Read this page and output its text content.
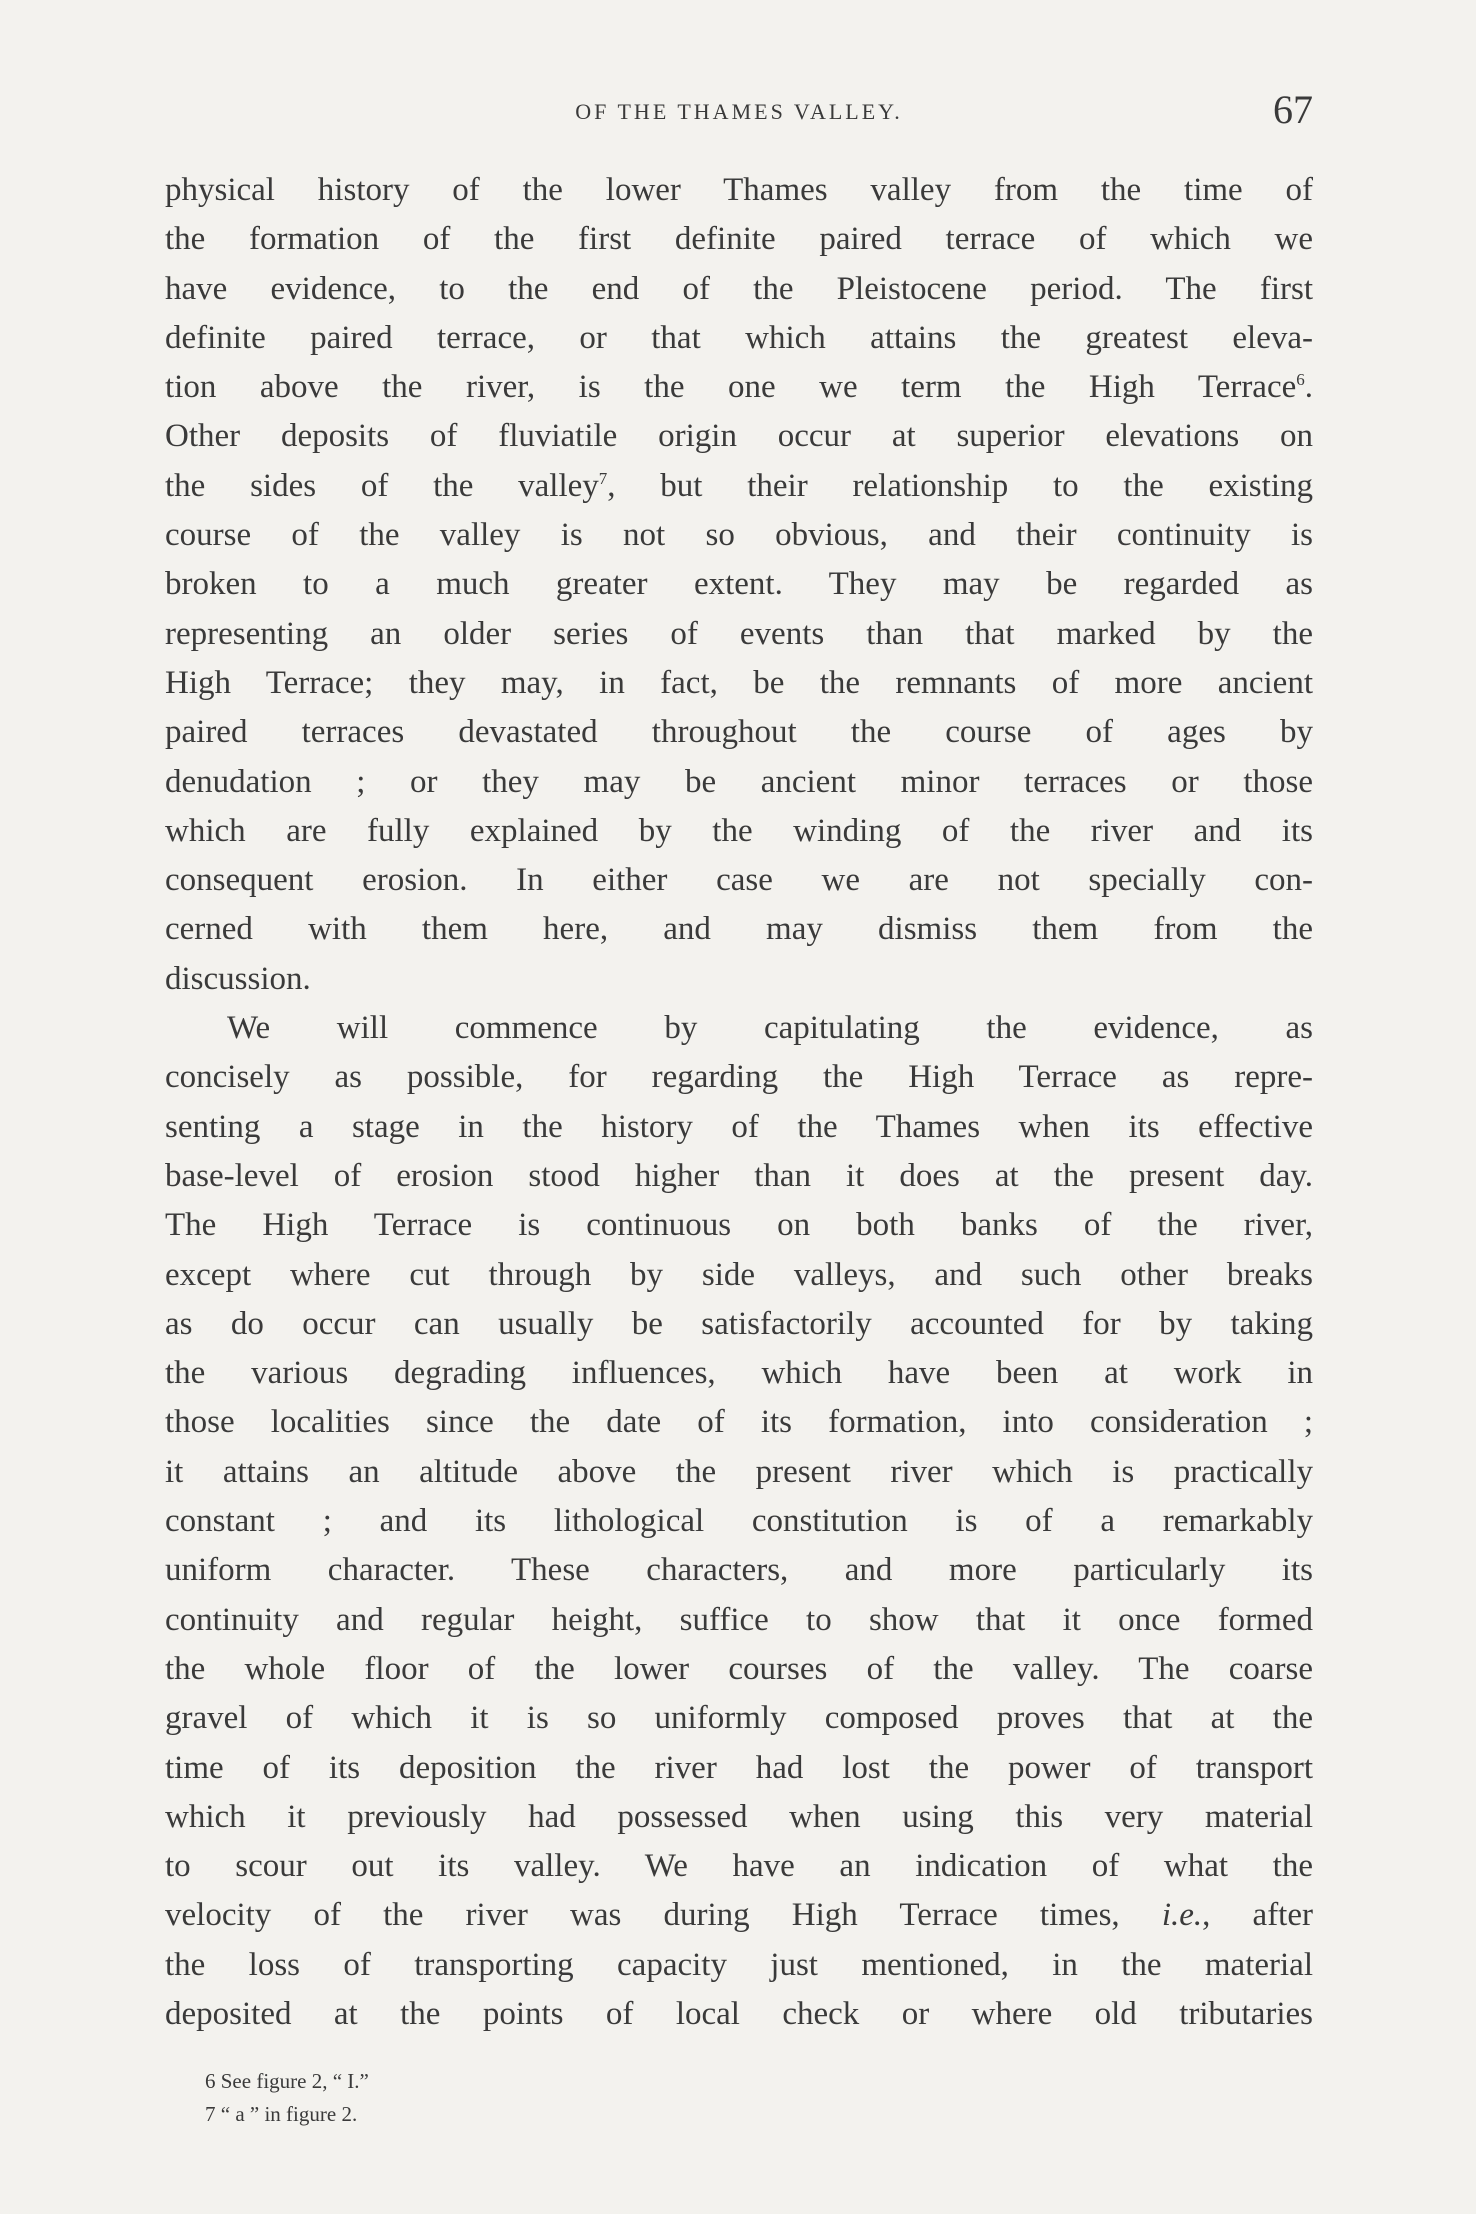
OF THE THAMES VALLEY.	67
physical history of the lower Thames valley from the time of
the formation of the first definite paired terrace of which we
have evidence, to the end of the Pleistocene period. The first
definite paired terrace, or that which attains the greatest eleva-
tion above the river, is the one we term the High Terrace$^6$.
Other deposits of fluviatile origin occur at superior elevations on
the sides of the valley$^7$, but their relationship to the existing
course of the valley is not so obvious, and their continuity is
broken to a much greater extent. They may be regarded as
representing an older series of events than that marked by the
High Terrace; they may, in fact, be the remnants of more ancient
paired terraces devastated throughout the course of ages by
denudation ; or they may be ancient minor terraces or those
which are fully explained by the winding of the river and its
consequent erosion. In either case we are not specially con-
cerned with them here, and may dismiss them from the
discussion.
We will commence by capitulating the evidence, as
concisely as possible, for regarding the High Terrace as repre-
senting a stage in the history of the Thames when its effective
base-level of erosion stood higher than it does at the present day.
The High Terrace is continuous on both banks of the river,
except where cut through by side valleys, and such other breaks
as do occur can usually be satisfactorily accounted for by taking
the various degrading influences, which have been at work in
those localities since the date of its formation, into consideration ;
it attains an altitude above the present river which is practically
constant ; and its lithological constitution is of a remarkably
uniform character. These characters, and more particularly its
continuity and regular height, suffice to show that it once formed
the whole floor of the lower courses of the valley. The coarse
gravel of which it is so uniformly composed proves that at the
time of its deposition the river had lost the power of transport
which it previously had possessed when using this very material
to scour out its valley. We have an indication of what the
velocity of the river was during High Terrace times, i.e., after
the loss of transporting capacity just mentioned, in the material
deposited at the points of local check or where old tributaries
6 See figure 2, “ I.”
7 “ a ” in figure 2.
